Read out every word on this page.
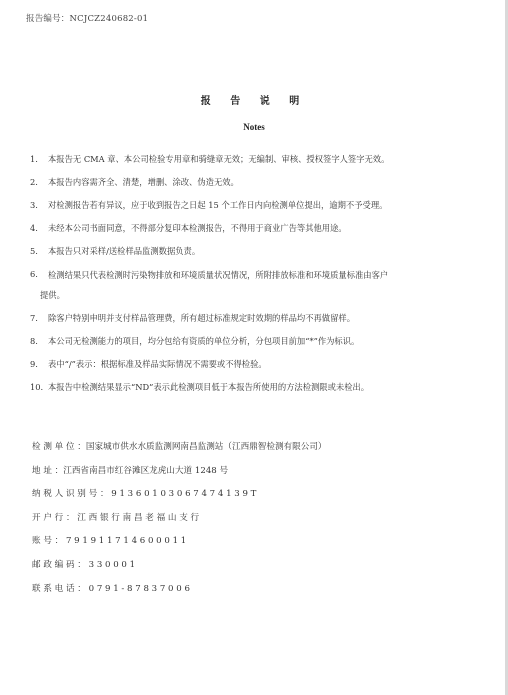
报告编号：NCJCZ240682-01
报 告 说 明
Notes
1.	本报告无 CMA 章、本公司检验专用章和骑缝章无效；无编制、审核、授权签字人签字无效。
2.	本报告内容需齐全、清楚，增删、涂改、伪造无效。
3.	对检测报告若有异议，应于收到报告之日起 15 个工作日内向检测单位提出，逾期不予受理。
4.	未经本公司书面同意，不得部分复印本检测报告，不得用于商业广告等其他用途。
5.	本报告只对采样/送检样品监测数据负责。
6.	检测结果只代表检测时污染物排放和环境质量状况情况，所附排放标准和环境质量标准由客户
提供。
7.	除客户特别申明并支付样品管理费，所有超过标准规定时效期的样品均不再做留样。
8.	本公司无检测能力的项目，均分包给有资质的单位分析，分包项目前加“*”作为标识。
9.	表中“/”表示：根据标准及样品实际情况不需要或不得检验。
10. 本报告中检测结果显示“ND”表示此检测项目低于本报告所使用的方法检测限或未检出。
检 测 单 位 ：国家城市供水水质监测网南昌监测站（江西鼎智检测有限公司）
地 址 ：江西省南昌市红谷滩区龙虎山大道 1248 号
纳 税 人 识 别 号 ： 9 1 3 6 0 1 0 3 0 6 7 4 7 4 1 3 9 T
开 户 行 ： 江 西 银 行 南 昌 老 福 山 支 行
账 号 ： 7 9 1 9 1 1 7 1 4 6 0 0 0 1 1
邮 政 编 码 ： 3 3 0 0 0 1
联 系 电 话 ： 0 7 9 1 - 8 7 8 3 7 0 0 6
